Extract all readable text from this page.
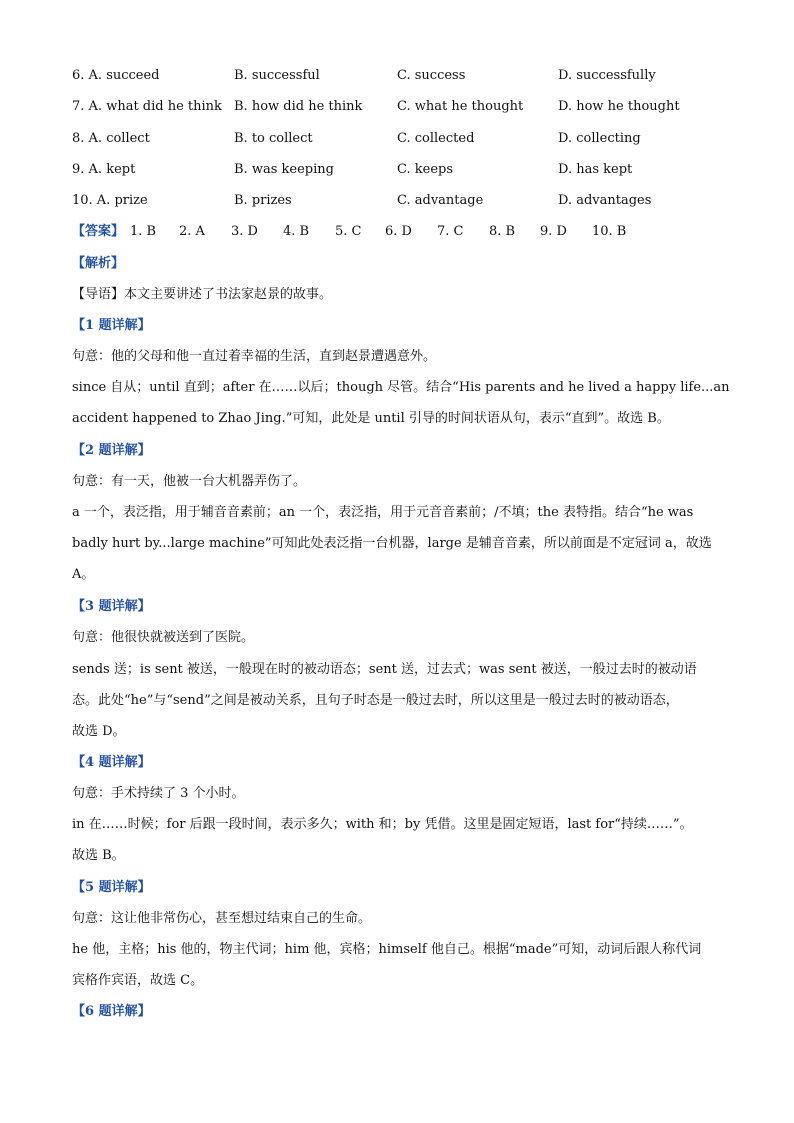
6. A. succeed	B. successful	C. success	D. successfully
7. A. what did he think B. how did he think	C. what he thought	D. how he thought
8. A. collect	B. to collect	C. collected	D. collecting
9. A. kept	B. was keeping	C. keeps	D. has kept
10. A. prize	B. prizes	C. advantage	D. advantages
【答案】 1. B 2. A 3. D 4. B 5. C 6. D 7. C 8. B 9. D 10. B
【解析】
【导语】本文主要讲述了书法家赵景的故事。
【1 题详解】
句意：他的父母和他一直过着幸福的生活，直到赵景遭遇意外。
since 自从；until 直到；after 在……以后；though 尽管。结合“His parents and he lived a happy life...an
accident happened to Zhao Jing.”可知，此处是 until 引导的时间状语从句，表示“直到”。故选 B。
【2 题详解】
句意：有一天，他被一台大机器弄伤了。
a 一个，表泛指，用于辅音音素前；an 一个，表泛指，用于元音音素前；/不填；the 表特指。结合“he was
badly hurt by...large machine”可知此处表泛指一台机器，large 是辅音音素，所以前面是不定冠词 a，故选
A。
【3 题详解】
句意：他很快就被送到了医院。
sends 送；is sent 被送，一般现在时的被动语态；sent 送，过去式；was sent 被送，一般过去时的被动语
态。此处“he”与“send”之间是被动关系，且句子时态是一般过去时，所以这里是一般过去时的被动语态，
故选 D。
【4 题详解】
句意：手术持续了 3 个小时。
in 在……时候；for 后跟一段时间，表示多久；with 和；by 凭借。这里是固定短语，last for“持续……”。
故选 B。
【5 题详解】
句意：这让他非常伤心，甚至想过结束自己的生命。
he 他，主格；his 他的，物主代词；him 他，宾格；himself 他自己。根据“made”可知，动词后跟人称代词
宾格作宾语，故选 C。
【6 题详解】
